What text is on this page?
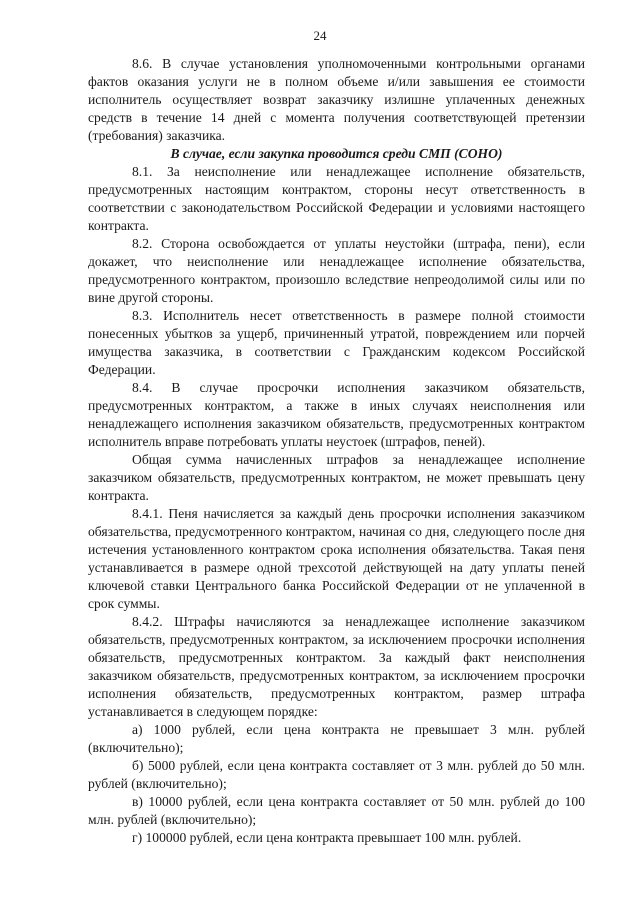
24

8.6. В случае установления уполномоченными контрольными органами фактов оказания услуги не в полном объеме и/или завышения ее стоимости исполнитель осуществляет возврат заказчику излишне уплаченных денежных средств в течение 14 дней с момента получения соответствующей претензии (требования) заказчика.

В случае, если закупка проводится среди СМП (СОНО)

8.1. За неисполнение или ненадлежащее исполнение обязательств, предусмотренных настоящим контрактом, стороны несут ответственность в соответствии с законодательством Российской Федерации и условиями настоящего контракта.

8.2. Сторона освобождается от уплаты неустойки (штрафа, пени), если докажет, что неисполнение или ненадлежащее исполнение обязательства, предусмотренного контрактом, произошло вследствие непреодолимой силы или по вине другой стороны.

8.3. Исполнитель несет ответственность в размере полной стоимости понесенных убытков за ущерб, причиненный утратой, повреждением или порчей имущества заказчика, в соответствии с Гражданским кодексом Российской Федерации.

8.4. В случае просрочки исполнения заказчиком обязательств, предусмотренных контрактом, а также в иных случаях неисполнения или ненадлежащего исполнения заказчиком обязательств, предусмотренных контрактом исполнитель вправе потребовать уплаты неустоек (штрафов, пеней).

Общая сумма начисленных штрафов за ненадлежащее исполнение заказчиком обязательств, предусмотренных контрактом, не может превышать цену контракта.

8.4.1. Пеня начисляется за каждый день просрочки исполнения заказчиком обязательства, предусмотренного контрактом, начиная со дня, следующего после дня истечения установленного контрактом срока исполнения обязательства. Такая пеня устанавливается в размере одной трехсотой действующей на дату уплаты пеней ключевой ставки Центрального банка Российской Федерации от не уплаченной в срок суммы.

8.4.2. Штрафы начисляются за ненадлежащее исполнение заказчиком обязательств, предусмотренных контрактом, за исключением просрочки исполнения обязательств, предусмотренных контрактом. За каждый факт неисполнения заказчиком обязательств, предусмотренных контрактом, за исключением просрочки исполнения обязательств, предусмотренных контрактом, размер штрафа устанавливается в следующем порядке:

а) 1000 рублей, если цена контракта не превышает 3 млн. рублей (включительно);

б) 5000 рублей, если цена контракта составляет от 3 млн. рублей до 50 млн. рублей (включительно);

в) 10000 рублей, если цена контракта составляет от 50 млн. рублей до 100 млн. рублей (включительно);

г) 100000 рублей, если цена контракта превышает 100 млн. рублей.
